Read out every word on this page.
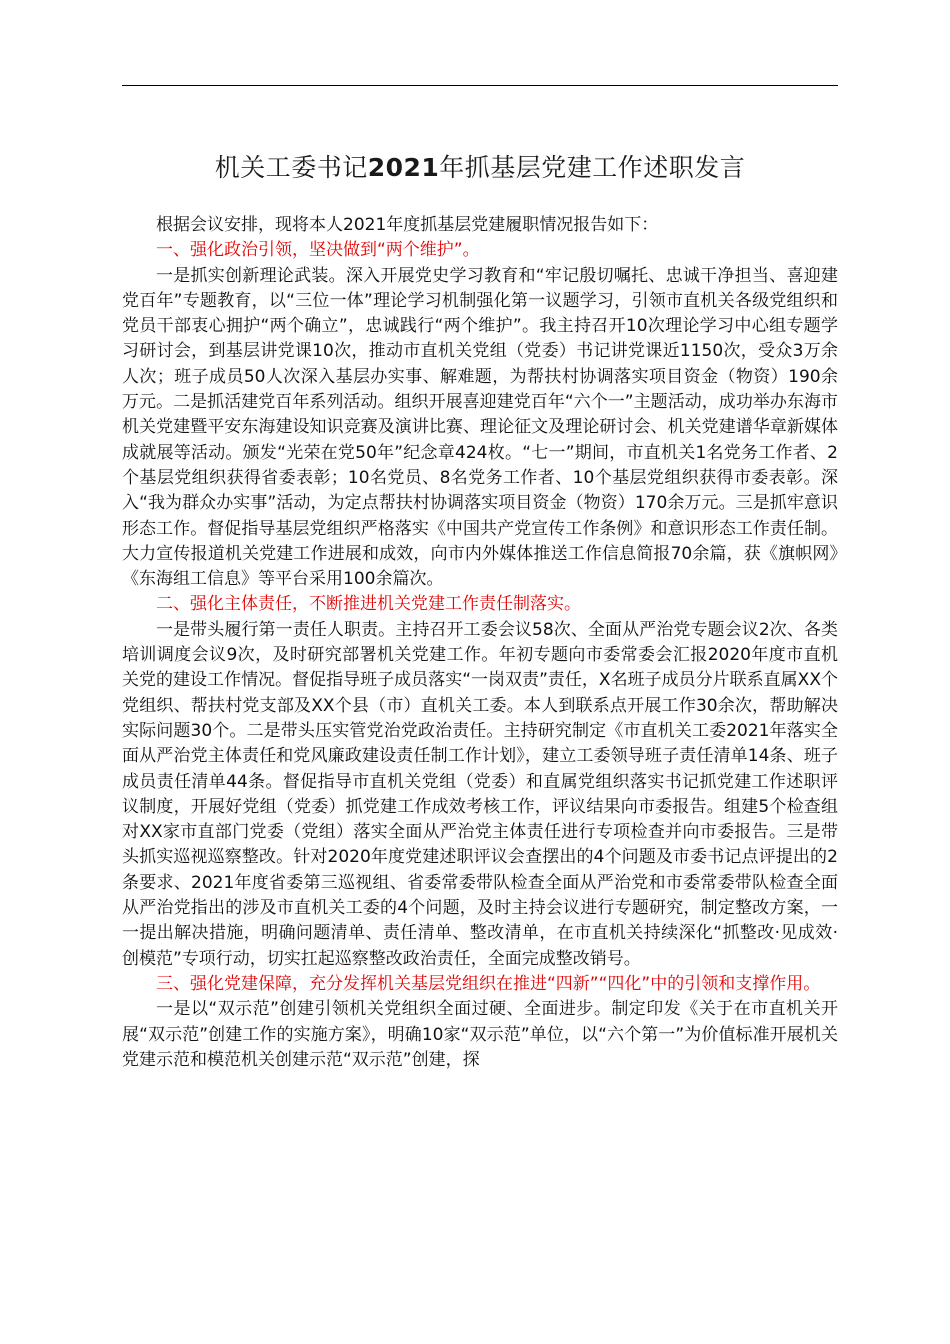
机关工委书记2021年抓基层党建工作述职发言

根据会议安排，现将本人2021年度抓基层党建履职情况报告如下：

一、强化政治引领，坚决做到“两个维护”。

一是抓实创新理论武装。深入开展党史学习教育和“牢记殷切嘱托、忠诚干净担当、喜迎建党百年”专题教育，以“三位一体”理论学习机制强化第一议题学习，引领市直机关各级党组织和党员干部衷心拥护“两个确立”，忠诚践行“两个维护”。我主持召开10次理论学习中心组专题学习研讨会，到基层讲党课10次，推动市直机关党组（党委）书记讲党课近1150次，受众3万余人次；班子成员50人次深入基层办实事、解难题，为帮扶村协调落实项目资金（物资）190余万元。二是抓活建党百年系列活动。组织开展喜迎建党百年“六个一”主题活动，成功举办东海市机关党建暨平安东海建设知识竞赛及演讲比赛、理论征文及理论研讨会、机关党建谱华章新媒体成就展等活动。颁发“光荣在党50年”纪念章424枚。“七一”期间，市直机关1名党务工作者、2个基层党组织获得省委表彰；10名党员、8名党务工作者、10个基层党组织获得市委表彰。深入“我为群众办实事”活动，为定点帮扶村协调落实项目资金（物资）170余万元。三是抓牢意识形态工作。督促指导基层党组织严格落实《中国共产党宣传工作条例》和意识形态工作责任制。大力宣传报道机关党建工作进展和成效，向市内外媒体推送工作信息简报70余篇，获《旗帜网》《东海组工信息》等平台采用100余篇次。

二、强化主体责任，不断推进机关党建工作责任制落实。

一是带头履行第一责任人职责。主持召开工委会议58次、全面从严治党专题会议2次、各类培训调度会议9次，及时研究部署机关党建工作。年初专题向市委常委会汇报2020年度市直机关党的建设工作情况。督促指导班子成员落实“一岗双责”责任，X名班子成员分片联系直属XX个党组织、帮扶村党支部及XX个县（市）直机关工委。本人到联系点开展工作30余次，帮助解决实际问题30个。二是带头压实管党治党政治责任。主持研究制定《市直机关工委2021年落实全面从严治党主体责任和党风廉政建设责任制工作计划》，建立工委领导班子责任清单14条、班子成员责任清单44条。督促指导市直机关党组（党委）和直属党组织落实书记抓党建工作述职评议制度，开展好党组（党委）抓党建工作成效考核工作，评议结果向市委报告。组建5个检查组对XX家市直部门党委（党组）落实全面从严治党主体责任进行专项检查并向市委报告。三是带头抓实巡视巡察整改。针对2020年度党建述职评议会查摆出的4个问题及市委书记点评提出的2条要求、2021年度省委第三巡视组、省委常委带队检查全面从严治党和市委常委带队检查全面从严治党指出的涉及市直机关工委的4个问题，及时主持会议进行专题研究，制定整改方案，一一提出解决措施，明确问题清单、责任清单、整改清单，在市直机关持续深化“抓整改·见成效·创模范”专项行动，切实扛起巡察整改政治责任，全面完成整改销号。

三、强化党建保障，充分发挥机关基层党组织在推进“四新”“四化”中的引领和支撑作用。

一是以“双示范”创建引领机关党组织全面过硬、全面进步。制定印发《关于在市直机关开展“双示范”创建工作的实施方案》，明确10家“双示范”单位，以“六个第一”为价值标准开展机关党建示范和模范机关创建示范“双示范”创建，探
